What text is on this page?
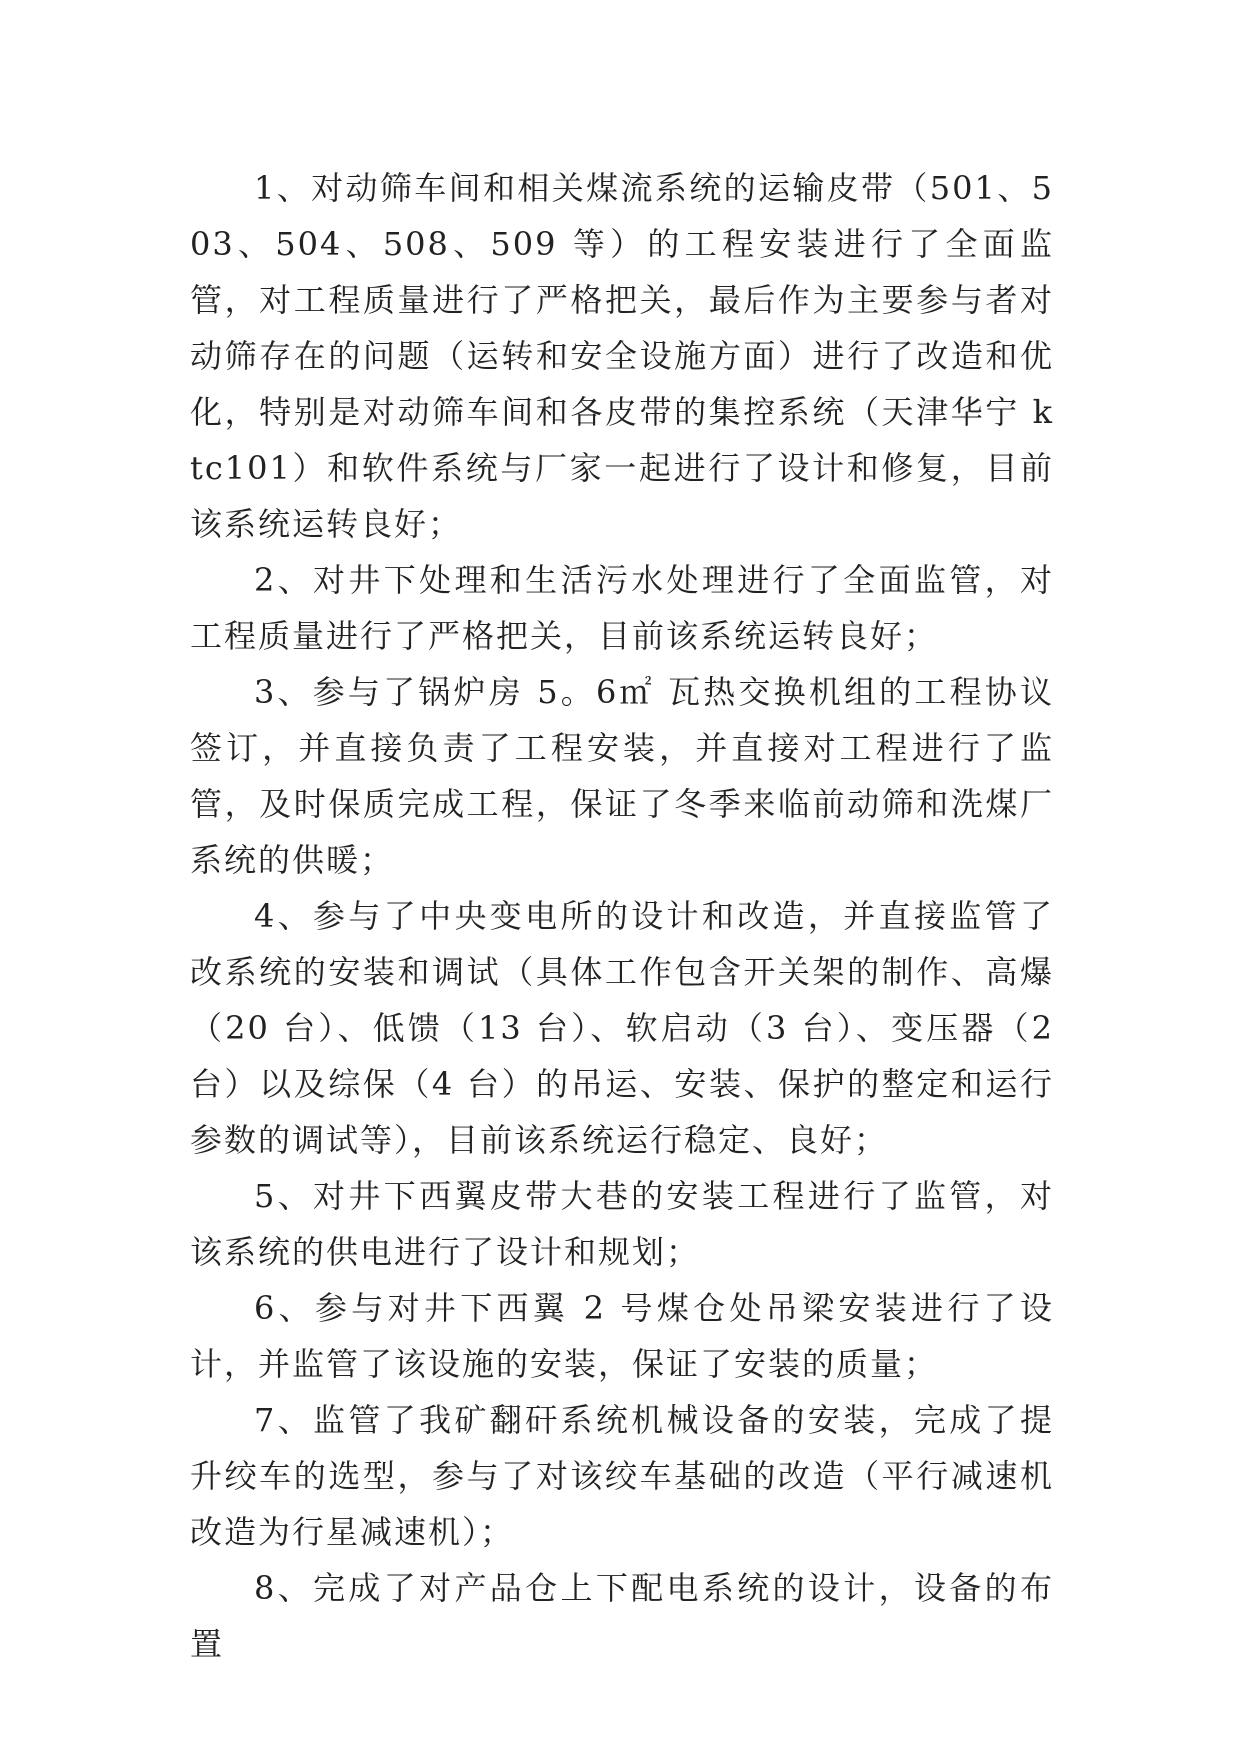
1、对动筛车间和相关煤流系统的运输皮带（501、503、504、508、509 等）的工程安装进行了全面监管，对工程质量进行了严格把关，最后作为主要参与者对动筛存在的问题（运转和安全设施方面）进行了改造和优化，特别是对动筛车间和各皮带的集控系统（天津华宁 ktc101）和软件系统与厂家一起进行了设计和修复，目前该系统运转良好；

2、对井下处理和生活污水处理进行了全面监管，对工程质量进行了严格把关，目前该系统运转良好；

3、参与了锅炉房 5。6㎡ 瓦热交换机组的工程协议签订，并直接负责了工程安装，并直接对工程进行了监管，及时保质完成工程，保证了冬季来临前动筛和洗煤厂系统的供暖；

4、参与了中央变电所的设计和改造，并直接监管了改系统的安装和调试（具体工作包含开关架的制作、高爆（20 台）、低馈（13 台）、软启动（3 台）、变压器（2 台）以及综保（4 台）的吊运、安装、保护的整定和运行参数的调试等），目前该系统运行稳定、良好；

5、对井下西翼皮带大巷的安装工程进行了监管，对该系统的供电进行了设计和规划；

6、参与对井下西翼 2 号煤仓处吊梁安装进行了设计，并监管了该设施的安装，保证了安装的质量；

7、监管了我矿翻矸系统机械设备的安装，完成了提升绞车的选型，参与了对该绞车基础的改造（平行减速机改造为行星减速机）；

8、完成了对产品仓上下配电系统的设计，设备的布置
